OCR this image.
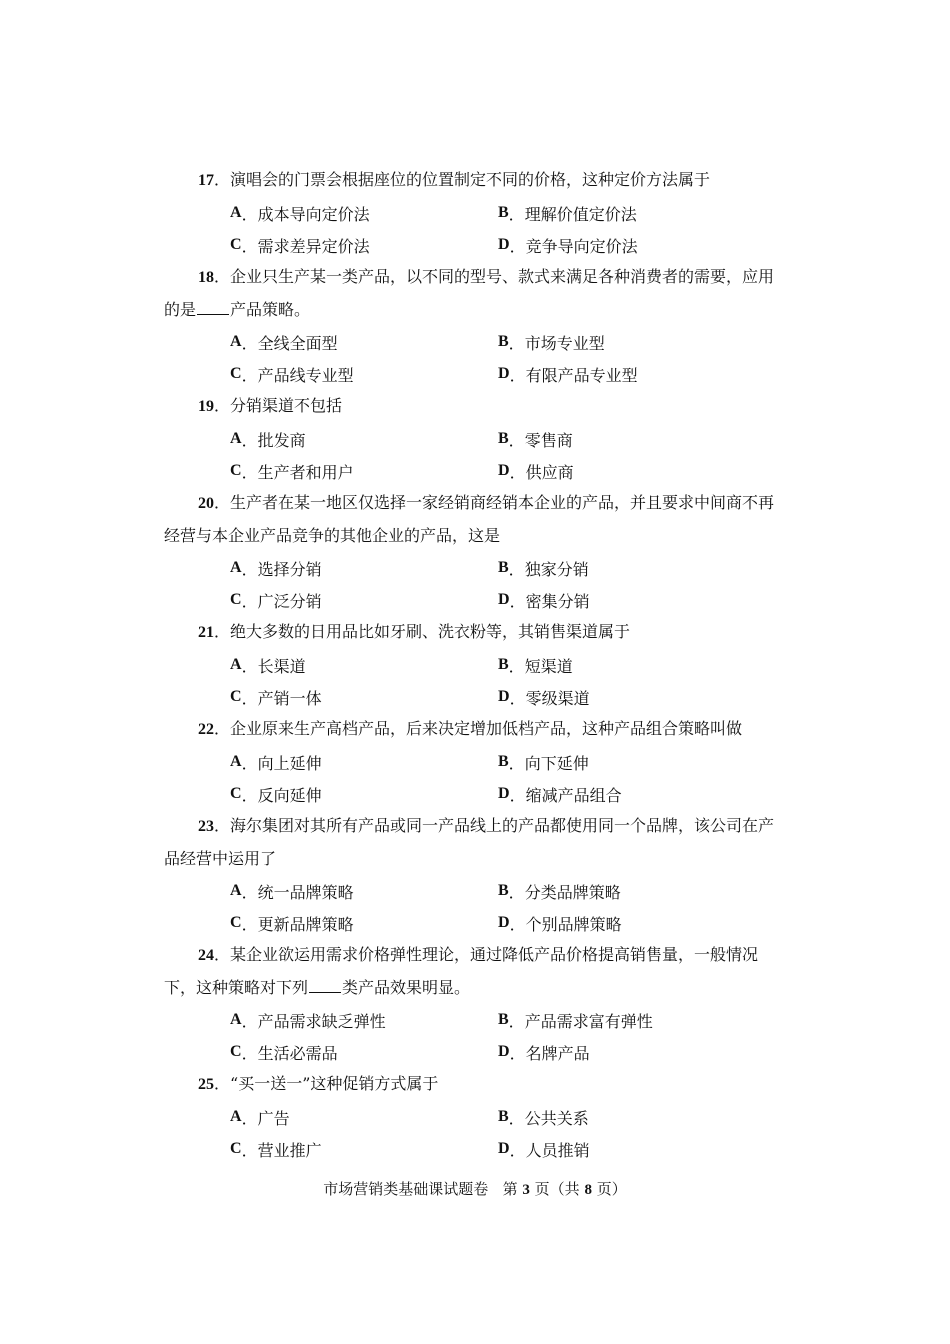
17．演唱会的门票会根据座位的位置制定不同的价格，这种定价方法属于

A ． 成本导向定价法	B ． 理解价值定价法
C ． 需求差异定价法	D ． 竞争导向定价法

18．企业只生产某一类产品，以不同的型号、款式来满足各种消费者的需要，应用的是 产品策略。

A ． 全线全面型	B ． 市场专业型
C ． 产品线专业型	D ． 有限产品专业型

19．分销渠道不包括

A ． 批发商	B ． 零售商
C ． 生产者和用户	D ． 供应商

20．生产者在某一地区仅选择一家经销商经销本企业的产品，并且要求中间商不再经营与本企业产品竞争的其他企业的产品，这是

A ． 选择分销	B ． 独家分销
C ． 广泛分销	D ． 密集分销

21．绝大多数的日用品比如牙刷、洗衣粉等，其销售渠道属于

A ． 长渠道	B ． 短渠道
C ． 产销一体	D ． 零级渠道

22．企业原来生产高档产品，后来决定增加低档产品，这种产品组合策略叫做

A ． 向上延伸	B ． 向下延伸
C ． 反向延伸	D ． 缩减产品组合

23．海尔集团对其所有产品或同一产品线上的产品都使用同一个品牌，该公司在产品经营中运用了

A ． 统一品牌策略	B ． 分类品牌策略
C ． 更新品牌策略	D ． 个别品牌策略

24．某企业欲运用需求价格弹性理论，通过降低产品价格提高销售量，一般情况下，这种策略对下列 类产品效果明显。

A ． 产品需求缺乏弹性	B ． 产品需求富有弹性
C ． 生活必需品	D ． 名牌产品

25．“买一送一”这种促销方式属于

A ． 广告	B ． 公共关系
C ． 营业推广	D ． 人员推销
市场营销类基础课试题卷 第 3 页（共 8 页）
